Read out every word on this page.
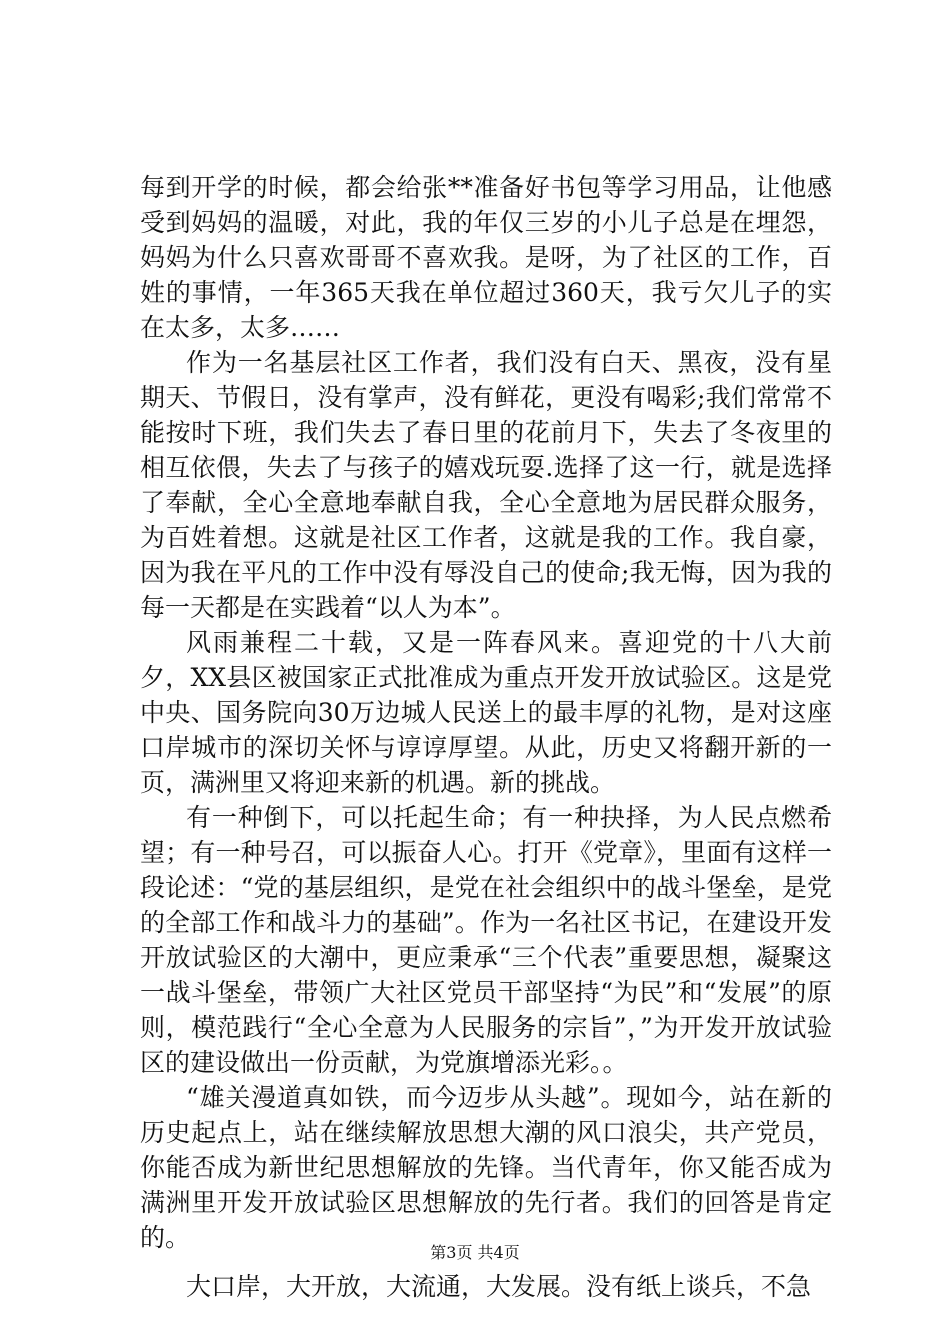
每到开学的时候，都会给张**准备好书包等学习用品，让他感受到妈妈的温暖，对此，我的年仅三岁的小儿子总是在埋怨，妈妈为什么只喜欢哥哥不喜欢我。是呀，为了社区的工作，百姓的事情，一年365天我在单位超过360天，我亏欠儿子的实在太多，太多……

作为一名基层社区工作者，我们没有白天、黑夜，没有星期天、节假日，没有掌声，没有鲜花，更没有喝彩;我们常常不能按时下班，我们失去了春日里的花前月下，失去了冬夜里的相互依偎，失去了与孩子的嬉戏玩耍.选择了这一行，就是选择了奉献，全心全意地奉献自我，全心全意地为居民群众服务，为百姓着想。这就是社区工作者，这就是我的工作。我自豪，因为我在平凡的工作中没有辱没自己的使命;我无悔，因为我的每一天都是在实践着“以人为本”。

风雨兼程二十载，又是一阵春风来。喜迎党的十八大前夕，XX县区被国家正式批准成为重点开发开放试验区。这是党中央、国务院向30万边城人民送上的最丰厚的礼物，是对这座口岸城市的深切关怀与谆谆厚望。从此，历史又将翻开新的一页，满洲里又将迎来新的机遇。新的挑战。

有一种倒下，可以托起生命；有一种抉择，为人民点燃希望；有一种号召，可以振奋人心。打开《党章》，里面有这样一段论述：“党的基层组织，是党在社会组织中的战斗堡垒，是党的全部工作和战斗力的基础”。作为一名社区书记，在建设开发开放试验区的大潮中，更应秉承“三个代表”重要思想，凝聚这一战斗堡垒，带领广大社区党员干部坚持“为民”和“发展”的原则，模范践行“全心全意为人民服务的宗旨”，”为开发开放试验区的建设做出一份贡献，为党旗增添光彩。。

“雄关漫道真如铁，而今迈步从头越”。现如今，站在新的历史起点上，站在继续解放思想大潮的风口浪尖，共产党员，你能否成为新世纪思想解放的先锋。当代青年，你又能否成为满洲里开发开放试验区思想解放的先行者。我们的回答是肯定的。

大口岸，大开放，大流通，大发展。没有纸上谈兵，不急

第3页 共4页
